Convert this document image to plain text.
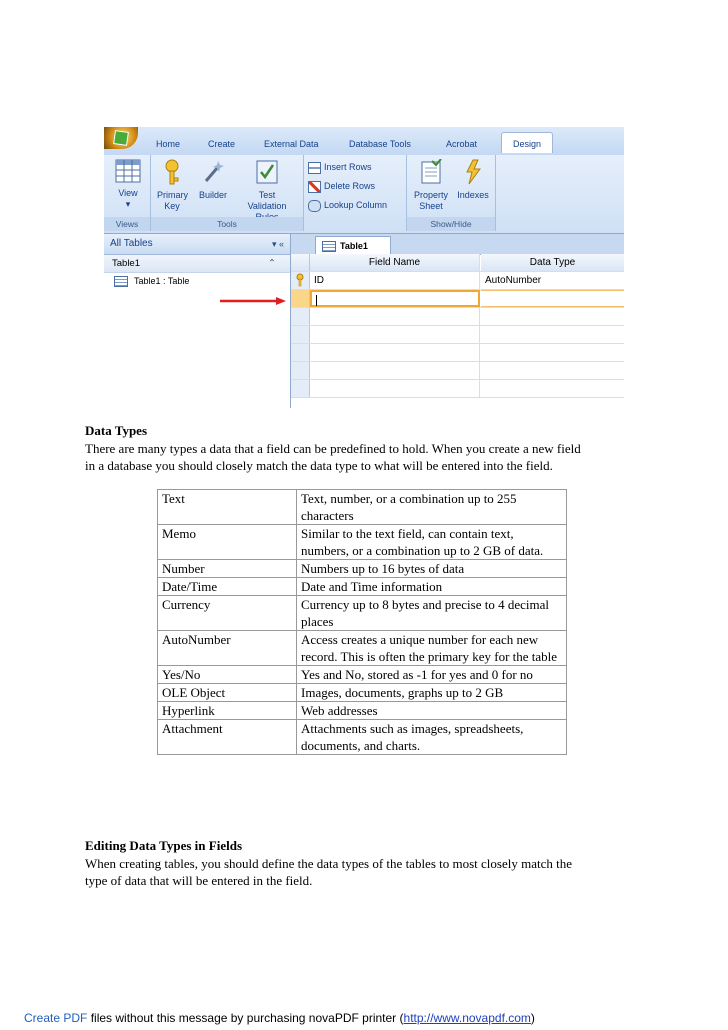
Home	Create	External Data	Database Tools	Acrobat	Design
View
▾
Views
Primary Key
Builder	Test Validation
Tools
Insert Rows
Delete Rows
Lookup Column
Property Sheet
Indexes
Show/Hide
All Tables	▾ «
Table1	⌃
Table1 : Table
Table1
Field Name	Data Type
ID	AutoNumber
Data Types
There are many types a data that a field can be predefined to hold. When you create a new field
in a database you should closely match the data type to what will be entered into the field.
Text	Text, number, or a combination up to 255 characters
Memo	Similar to the text field, can contain text, numbers, or a combination up to 2 GB of data.
Number	Numbers up to 16 bytes of data
Date/Time	Date and Time information
Currency	Currency up to 8 bytes and precise to 4 decimal places
AutoNumber	Access creates a unique number for each new record. This is often the primary key for the table
Yes/No	Yes and No, stored as -1 for yes and 0 for no
OLE Object	Images, documents, graphs up to 2 GB
Hyperlink	Web addresses
Attachment	Attachments such as images, spreadsheets, documents, and charts.
Editing Data Types in Fields
When creating tables, you should define the data types of the tables to most closely match the
type of data that will be entered in the field.
Create PDF files without this message by purchasing novaPDF printer (http://www.novapdf.com)
